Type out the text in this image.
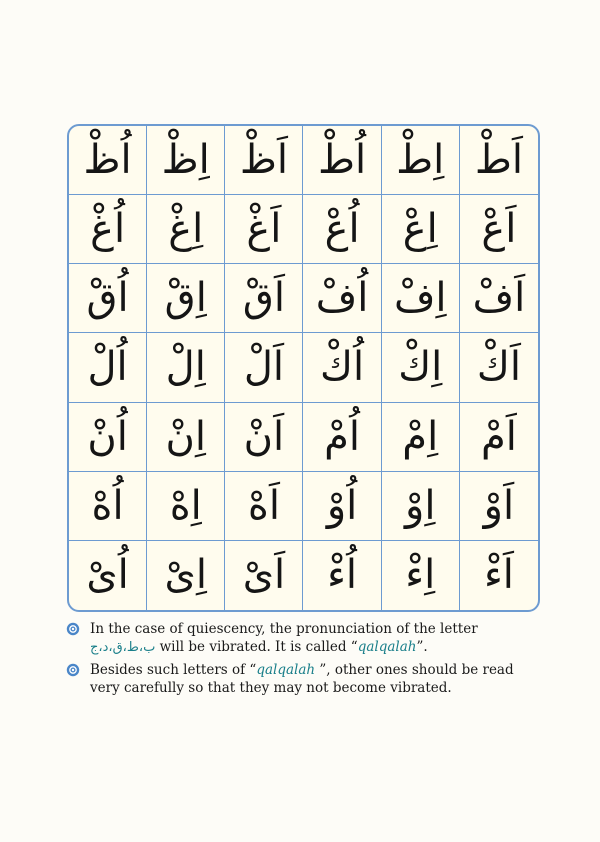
اظ	اظ	اظ	اط	اط	اط
اغ	اغ	اغ	اع	اع	اع
اق	اق	اق	اف	اف	اف
ال	ال	ال	اك	اك	اك
ان	ان	ان	ام	ام	ام
اه	اه	اه	او	او	او
اى	اى	اى	اء	اء	اء
In the case of quiescency, the pronunciation of the letter ب،ط،ق،د،ج will be vibrated. It is called “qalqalah”.
Besides such letters of “qalqalah ”, other ones should be read very carefully so that they may not become vibrated.
